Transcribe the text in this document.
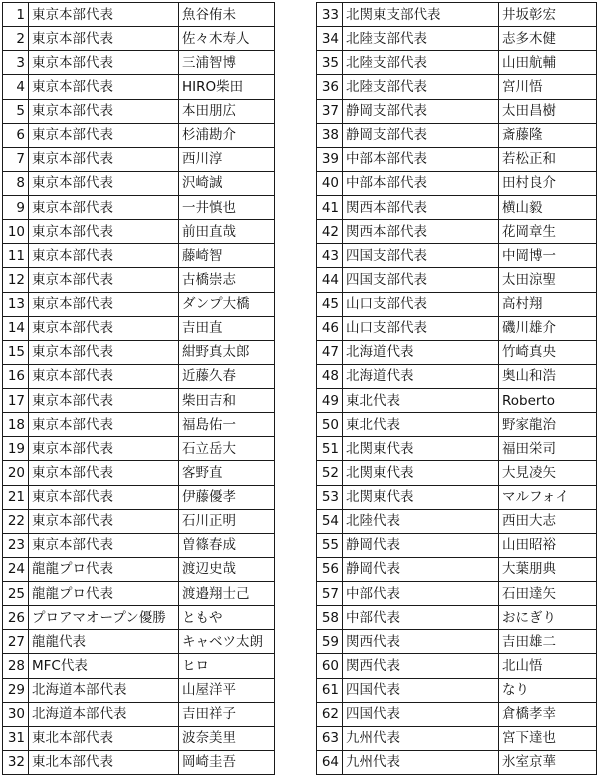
1	東京本部代表	魚谷侑未
2	東京本部代表	佐々木寿人
3	東京本部代表	三浦智博
4	東京本部代表	HIRO柴田
5	東京本部代表	本田朋広
6	東京本部代表	杉浦勘介
7	東京本部代表	西川淳
8	東京本部代表	沢崎誠
9	東京本部代表	一井慎也
10	東京本部代表	前田直哉
11	東京本部代表	藤崎智
12	東京本部代表	古橋崇志
13	東京本部代表	ダンプ大橋
14	東京本部代表	吉田直
15	東京本部代表	紺野真太郎
16	東京本部代表	近藤久春
17	東京本部代表	柴田吉和
18	東京本部代表	福島佑一
19	東京本部代表	石立岳大
20	東京本部代表	客野直
21	東京本部代表	伊藤優孝
22	東京本部代表	石川正明
23	東京本部代表	曽篠春成
24	龍龍プロ代表	渡辺史哉
25	龍龍プロ代表	渡邉翔士己
26	プロアマオープン優勝	ともや
27	龍龍代表	キャベツ太朗
28	MFC代表	ヒロ
29	北海道本部代表	山屋洋平
30	北海道本部代表	吉田祥子
31	東北本部代表	波奈美里
32	東北本部代表	岡崎圭吾
33	北関東支部代表	井坂彰宏
34	北陸支部代表	志多木健
35	北陸支部代表	山田航輔
36	北陸支部代表	宮川悟
37	静岡支部代表	太田昌樹
38	静岡支部代表	斎藤隆
39	中部本部代表	若松正和
40	中部本部代表	田村良介
41	関西本部代表	横山毅
42	関西本部代表	花岡章生
43	四国支部代表	中岡博一
44	四国支部代表	太田涼聖
45	山口支部代表	高村翔
46	山口支部代表	磯川雄介
47	北海道代表	竹崎真央
48	北海道代表	奥山和浩
49	東北代表	Roberto
50	東北代表	野家龍治
51	北関東代表	福田栄司
52	北関東代表	大見凌矢
53	北関東代表	マルフォイ
54	北陸代表	西田大志
55	静岡代表	山田昭裕
56	静岡代表	大葉朋典
57	中部代表	石田達矢
58	中部代表	おにぎり
59	関西代表	吉田雄二
60	関西代表	北山悟
61	四国代表	なり
62	四国代表	倉橋孝幸
63	九州代表	宮下達也
64	九州代表	氷室京華
